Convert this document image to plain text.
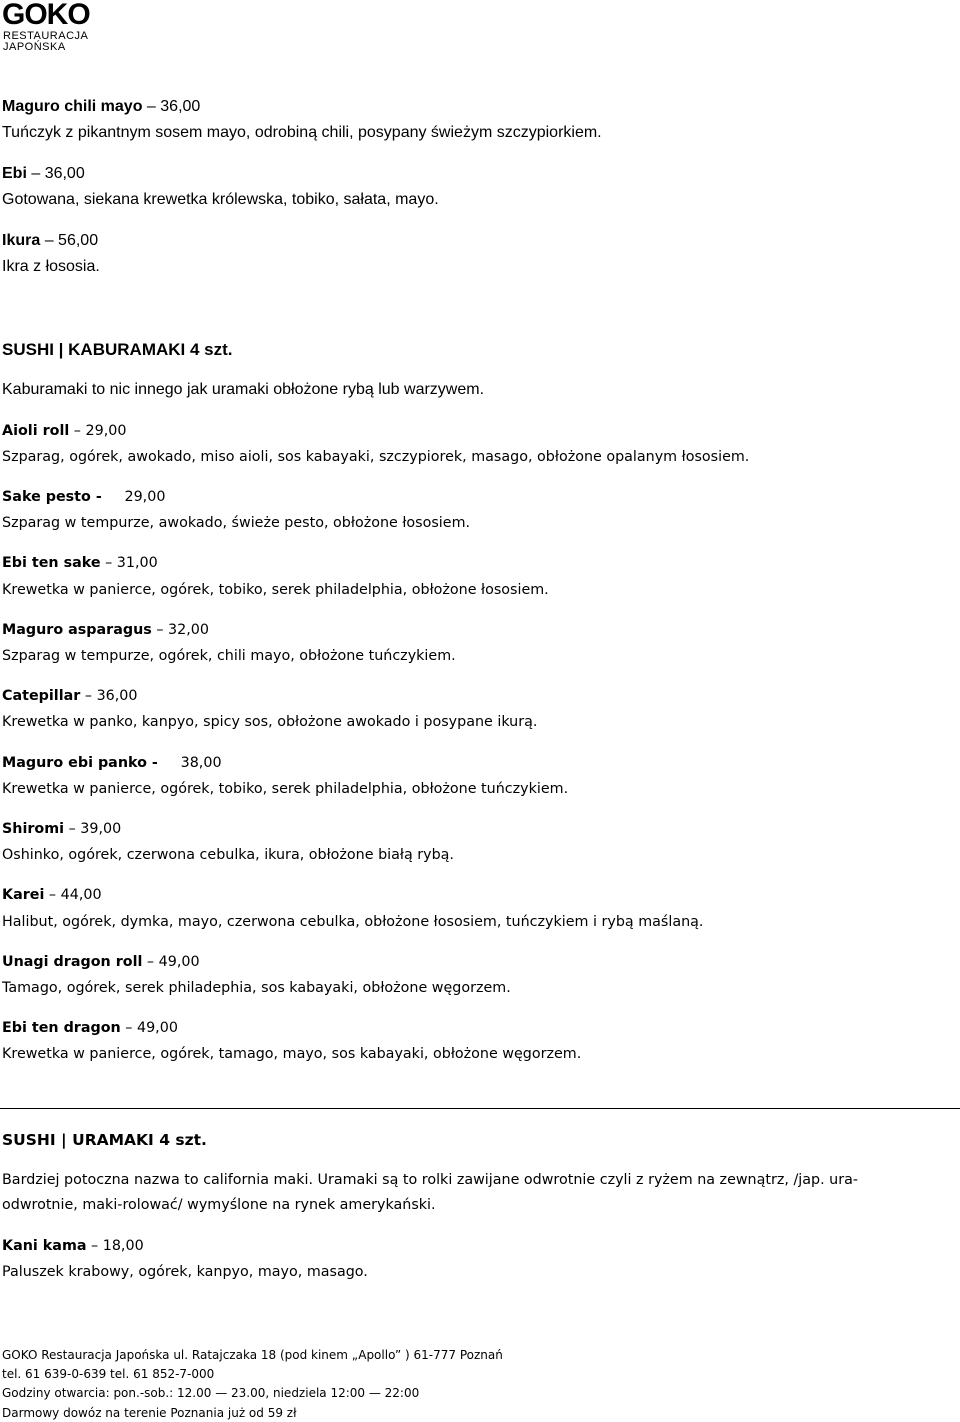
GOKO
RESTAURACJA
JAPOŃSKA
Maguro chili mayo – 36,00
Tuńczyk z pikantnym sosem mayo, odrobiną chili, posypany świeżym szczypiorkiem.
Ebi – 36,00
Gotowana, siekana krewetka królewska, tobiko, sałata, mayo.
Ikura – 56,00
Ikra z łososia.
SUSHI | KABURAMAKI 4 szt.
Kaburamaki to nic innego jak uramaki obłożone rybą lub warzywem.
Aioli roll – 29,00
Szparag, ogórek, awokado, miso aioli, sos kabayaki, szczypiorek, masago, obłożone opalanym łososiem.
Sake pesto - 29,00
Szparag w tempurze, awokado, świeże pesto, obłożone łososiem.
Ebi ten sake – 31,00
Krewetka w panierce, ogórek, tobiko, serek philadelphia, obłożone łososiem.
Maguro asparagus – 32,00
Szparag w tempurze, ogórek, chili mayo, obłożone tuńczykiem.
Catepillar – 36,00
Krewetka w panko, kanpyo, spicy sos, obłożone awokado i posypane ikurą.
Maguro ebi panko - 38,00
Krewetka w panierce, ogórek, tobiko, serek philadelphia, obłożone tuńczykiem.
Shiromi – 39,00
Oshinko, ogórek, czerwona cebulka, ikura, obłożone białą rybą.
Karei – 44,00
Halibut, ogórek, dymka, mayo, czerwona cebulka, obłożone łososiem, tuńczykiem i rybą maślaną.
Unagi dragon roll – 49,00
Tamago, ogórek, serek philadephia, sos kabayaki, obłożone węgorzem.
Ebi ten dragon – 49,00
Krewetka w panierce, ogórek, tamago, mayo, sos kabayaki, obłożone węgorzem.
SUSHI | URAMAKI 4 szt.
Bardziej potoczna nazwa to california maki. Uramaki są to rolki zawijane odwrotnie czyli z ryżem na zewnątrz, /jap. ura-
odwrotnie, maki-rolować/ wymyślone na rynek amerykański.
Kani kama – 18,00
Paluszek krabowy, ogórek, kanpyo, mayo, masago.
GOKO Restauracja Japońska ul. Ratajczaka 18 (pod kinem „Apollo” ) 61-777 Poznań
tel. 61 639-0-639 tel. 61 852-7-000
Godziny otwarcia: pon.-sob.: 12.00 — 23.00, niedziela 12:00 — 22:00
Darmowy dowóz na terenie Poznania już od 59 zł
